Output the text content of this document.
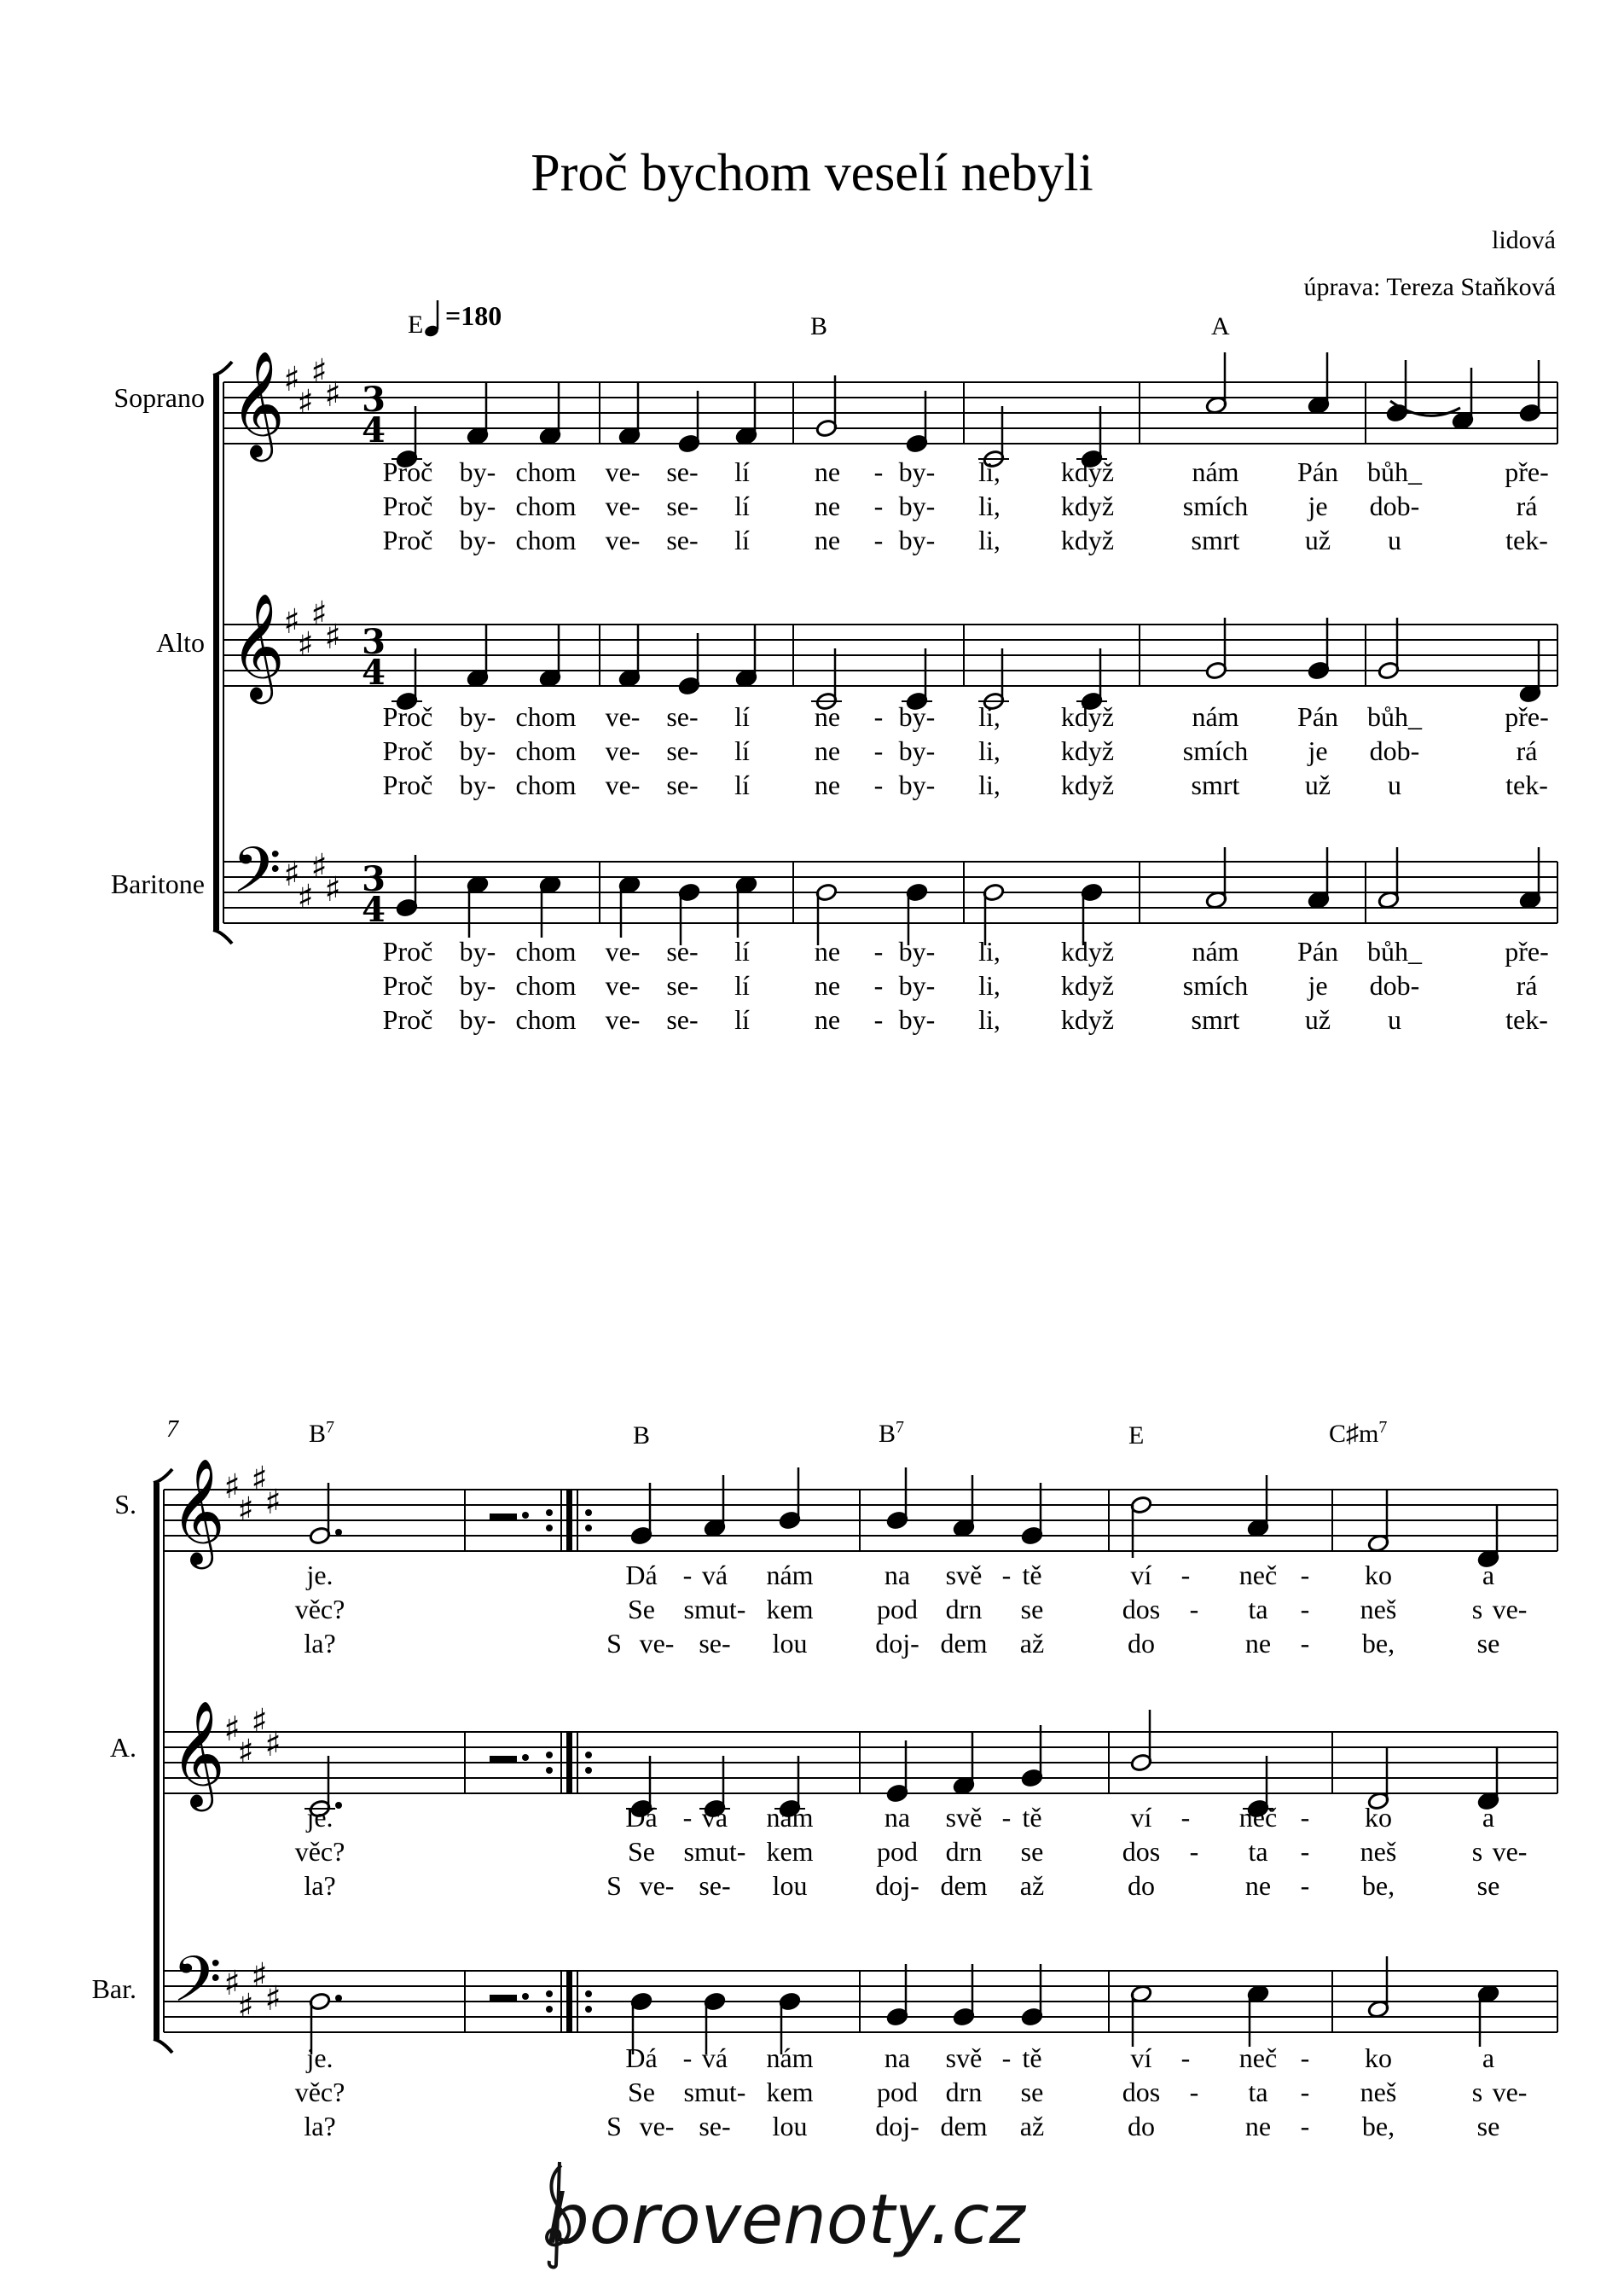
Proč bychom veselí nebyli
lidová
úprava: Tereza Staňková
=180
E	B	A
Soprano
Alto
Baritone
S.
A.
Bar.
7	$B^7$	B	$B^7$	E	$C♯m^7$
𝄞
♯
♯
♯
♯ 3
4
𝄞
♯
♯
♯
♯ 3
4
𝄢 ♯
♯
♯
♯ 3
4
𝄞
♯
♯
♯
♯
𝄞
♯
♯
♯
♯
𝄢 ♯
♯
♯
♯
Proč by- chom ve- se- lí ne - by- li, když	nám Pán bůh_	pře-
Proč by- chom ve- se- lí ne - by- li, když	smích je dob-	rá
Proč by- chom ve- se- lí ne - by- li, když	smrt už u	tek-
Proč by- chom ve- se- lí ne - by- li, když	nám Pán bůh_	pře-
Proč by- chom ve- se- lí ne - by- li, když	smích je dob-	rá
Proč by- chom ve- se- lí ne - by- li, když	smrt už u	tek-
Proč by- chom ve- se- lí ne - by- li, když	nám Pán bůh_	pře-
Proč by- chom ve- se- lí ne - by- li, když	smích je dob-	rá
Proč by- chom ve- se- lí ne - by- li, když	smrt už u	tek-
je.	Dá - vá nám	na svě - tě	ví - neč - ko	a
věc?	Se smut- kem pod drn se	dos - ta - neš	s ve-
la?	S ve- se- lou doj- dem až	do	ne - be,	se
je.	Dá - vá nám	na svě - tě	ví - neč - ko	a
věc?	Se smut- kem pod drn se	dos - ta - neš	s ve-
la?	S ve- se- lou doj- dem až	do	ne - be,	se
je.	Dá - vá nám	na svě - tě	ví - neč - ko	a
věc?	Se smut- kem pod drn se	dos - ta - neš	s ve-
la?	S ve- se- lou doj- dem až	do	ne - be,	se
borovenoty.cz
